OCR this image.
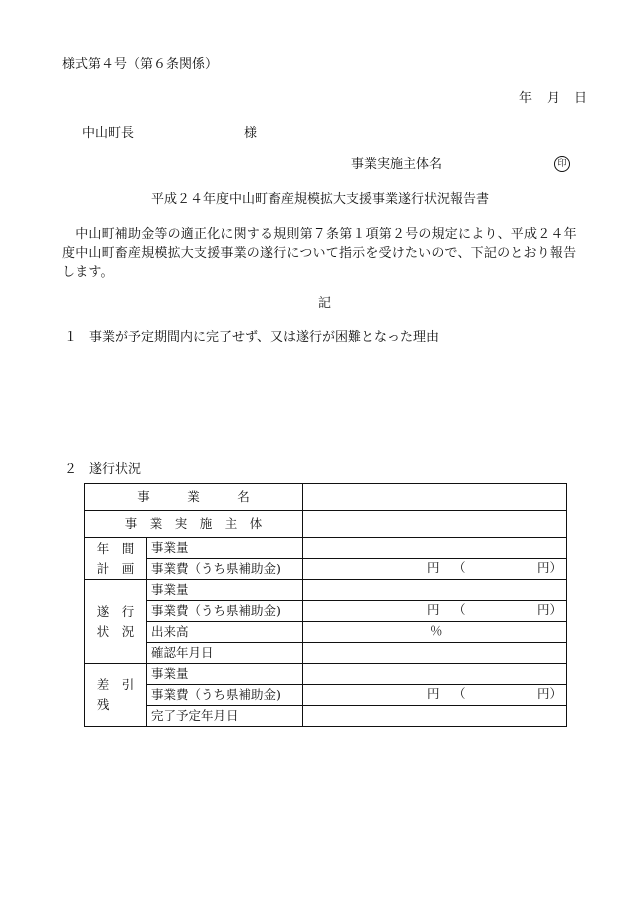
様式第４号（第６条関係）
年 月 日
中山町長	様
事業実施主体名	印
平成２４年度中山町畜産規模拡大支援事業遂行状況報告書
　中山町補助金等の適正化に関する規則第７条第１項第２号の規定により、平成２４年度中山町畜産規模拡大支援事業の遂行について指示を受けたいので、下記のとおり報告します。
記
１ 事業が予定期間内に完了せず、又は遂行が困難となった理由
２ 遂行状況
事　　　業　　　名		
事　業　実　施　主　体		

年　間
計　画	事業量	
	事業費（うち県補助金)	円 （ 円）

遂　行
状　況	事業量	
	事業費（うち県補助金)	円 （ 円）

	出来高	％

	確認年月日	

差　引
残	事業量	
	事業費（うち県補助金)	円 （ 円）

	完了予定年月日	
